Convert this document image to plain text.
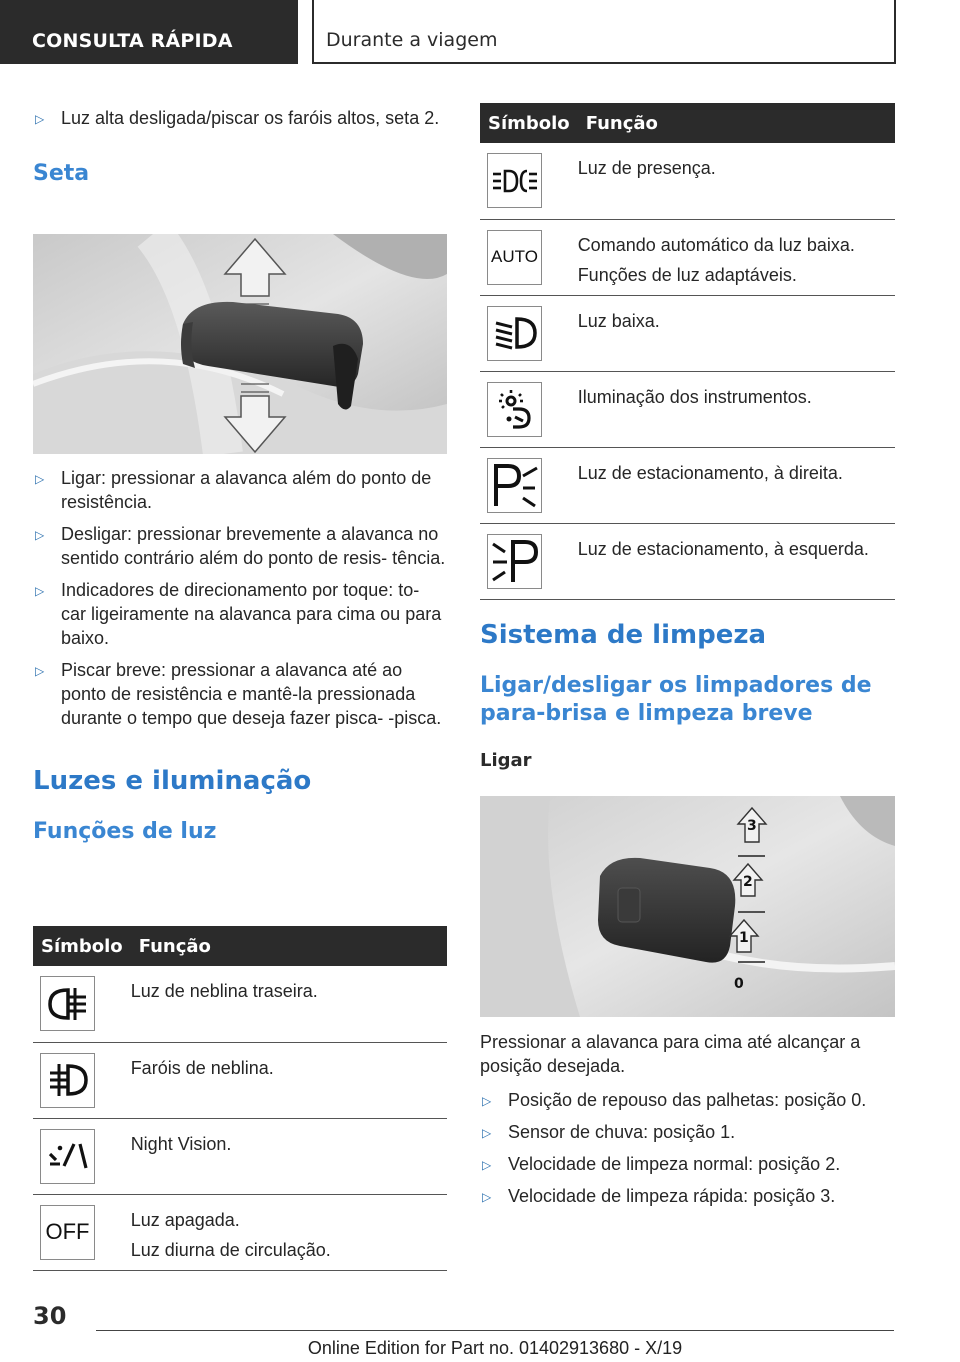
CONSULTA RÁPIDA	Durante a viagem
▷ Luz alta desligada/piscar os faróis altos, seta 2.
Seta
▷ Ligar: pressionar a alavanca além do ponto de resistência.
▷ Desligar: pressionar brevemente a alavanca no sentido contrário além do ponto de resis- tência.
▷ Indicadores de direcionamento por toque: to- car ligeiramente na alavanca para cima ou para baixo.
▷ Piscar breve: pressionar a alavanca até ao ponto de resistência e mantê-la pressionada durante o tempo que deseja fazer pisca- -pisca.
Luzes e iluminação
Funções de luz
Símbolo	Função

Luz de neblina traseira.

Faróis de neblina.

Night Vision.

OFF	Luz apagada.
Luz diurna de circulação.
Símbolo	Função

Luz de presença.

AUTO	Comando automático da luz baixa.
Funções de luz adaptáveis.

Luz baixa.

Iluminação dos instrumentos.

Luz de estacionamento, à direita.

Luz de estacionamento, à esquerda.
Sistema de limpeza
Ligar/desligar os limpadores de para-brisa e limpeza breve
Ligar
3
2
1
0
Pressionar a alavanca para cima até alcançar a posição desejada.
▷ Posição de repouso das palhetas: posição 0.
▷ Sensor de chuva: posição 1.
▷ Velocidade de limpeza normal: posição 2.
▷ Velocidade de limpeza rápida: posição 3.
30
Online Edition for Part no. 01402913680 - X/19
